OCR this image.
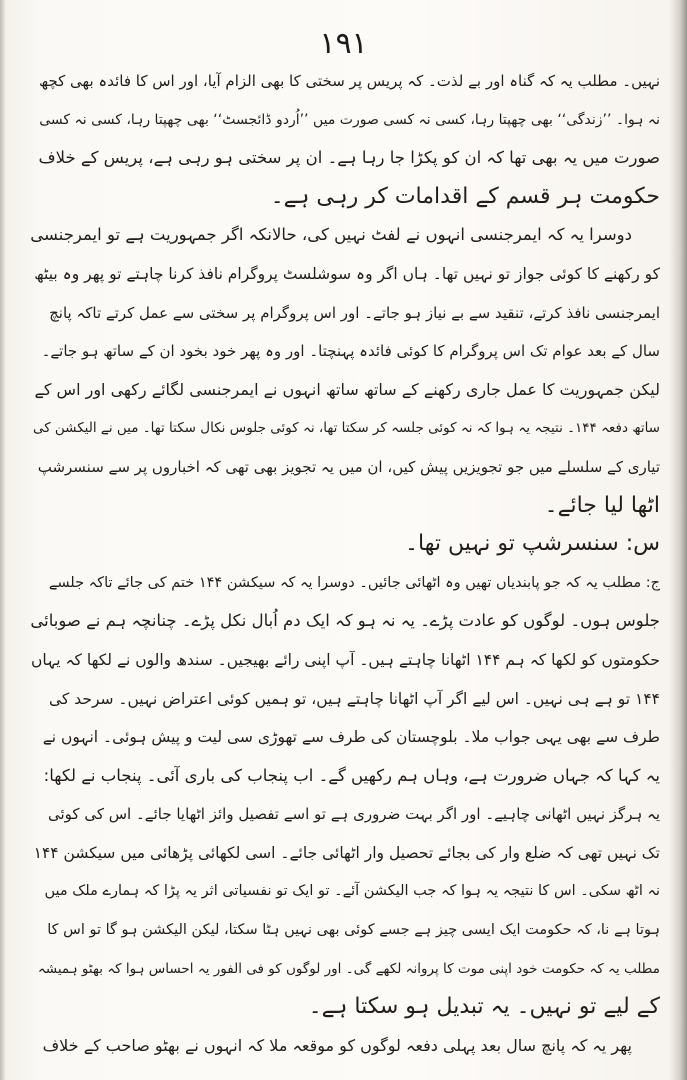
۱۹۱
نہیں۔ مطلب یہ کہ گناہ اور بے لذت۔ کہ پریس پر سختی کا بھی الزام آیا، اور اس کا فائدہ بھی کچھ
نہ ہوا۔ ’’زندگی‘‘ بھی چھپتا رہا، کسی نہ کسی صورت میں ’’اُردو ڈائجسٹ‘‘ بھی چھپتا رہا، کسی نہ کسی
صورت میں یہ بھی تھا کہ ان کو پکڑا جا رہا ہے۔ ان پر سختی ہو رہی ہے، پریس کے خلاف
حکومت ہر قسم کے اقدامات کر رہی ہے۔
دوسرا یہ کہ ایمرجنسی انہوں نے لفٹ نہیں کی، حالانکہ اگر جمہوریت ہے تو ایمرجنسی
کو رکھنے کا کوئی جواز تو نہیں تھا۔ ہاں اگر وہ سوشلسٹ پروگرام نافذ کرنا چاہتے تو پھر وہ بیٹھ
ایمرجنسی نافذ کرتے، تنقید سے بے نیاز ہو جاتے۔ اور اس پروگرام پر سختی سے عمل کرتے تاکہ پانچ
سال کے بعد عوام تک اس پروگرام کا کوئی فائدہ پہنچتا۔ اور وہ پھر خود بخود ان کے ساتھ ہو جاتے۔
لیکن جمہوریت کا عمل جاری رکھنے کے ساتھ ساتھ انہوں نے ایمرجنسی لگائے رکھی اور اس کے
ساتھ دفعہ ۱۴۴۔ نتیجہ یہ ہوا کہ نہ کوئی جلسہ کر سکتا تھا، نہ کوئی جلوس نکال سکتا تھا۔ میں نے الیکشن کی
تیاری کے سلسلے میں جو تجویزیں پیش کیں، ان میں یہ تجویز بھی تھی کہ اخباروں پر سے سنسرشپ
اٹھا لیا جائے۔
س: سنسرشپ تو نہیں تھا۔
ج: مطلب یہ کہ جو پابندیاں تھیں وہ اٹھائی جائیں۔ دوسرا یہ کہ سیکشن ۱۴۴ ختم کی جائے تاکہ جلسے
جلوس ہوں۔ لوگوں کو عادت پڑے۔ یہ نہ ہو کہ ایک دم اُبال نکل پڑے۔ چنانچہ ہم نے صوبائی
حکومتوں کو لکھا کہ ہم ۱۴۴ اٹھانا چاہتے ہیں۔ آپ اپنی رائے بھیجیں۔ سندھ والوں نے لکھا کہ یہاں
۱۴۴ تو ہے ہی نہیں۔ اس لیے اگر آپ اٹھانا چاہتے ہیں، تو ہمیں کوئی اعتراض نہیں۔ سرحد کی
طرف سے بھی یہی جواب ملا۔ بلوچستان کی طرف سے تھوڑی سی لیت و پیش ہوئی۔ انہوں نے
یہ کہا کہ جہاں ضرورت ہے، وہاں ہم رکھیں گے۔ اب پنجاب کی باری آئی۔ پنجاب نے لکھا:
یہ ہرگز نہیں اٹھانی چاہیے۔ اور اگر بہت ضروری ہے تو اسے تفصیل وائز اٹھایا جائے۔ اس کی کوئی
تک نہیں تھی کہ ضلع وار کی بجائے تحصیل وار اٹھائی جائے۔ اسی لکھائی پڑھائی میں سیکشن ۱۴۴
نہ اٹھ سکی۔ اس کا نتیجہ یہ ہوا کہ جب الیکشن آئے۔ تو ایک تو نفسیاتی اثر یہ پڑا کہ ہمارے ملک میں
ہوتا ہے نا، کہ حکومت ایک ایسی چیز ہے جسے کوئی بھی نہیں ہٹا سکتا، لیکن الیکشن ہو گا تو اس کا
مطلب یہ کہ حکومت خود اپنی موت کا پروانہ لکھے گی۔ اور لوگوں کو فی الفور یہ احساس ہوا کہ بھٹو ہمیشہ
کے لیے تو نہیں۔ یہ تبدیل ہو سکتا ہے۔
پھر یہ کہ پانچ سال بعد پہلی دفعہ لوگوں کو موقعہ ملا کہ انہوں نے بھٹو صاحب کے خلاف
